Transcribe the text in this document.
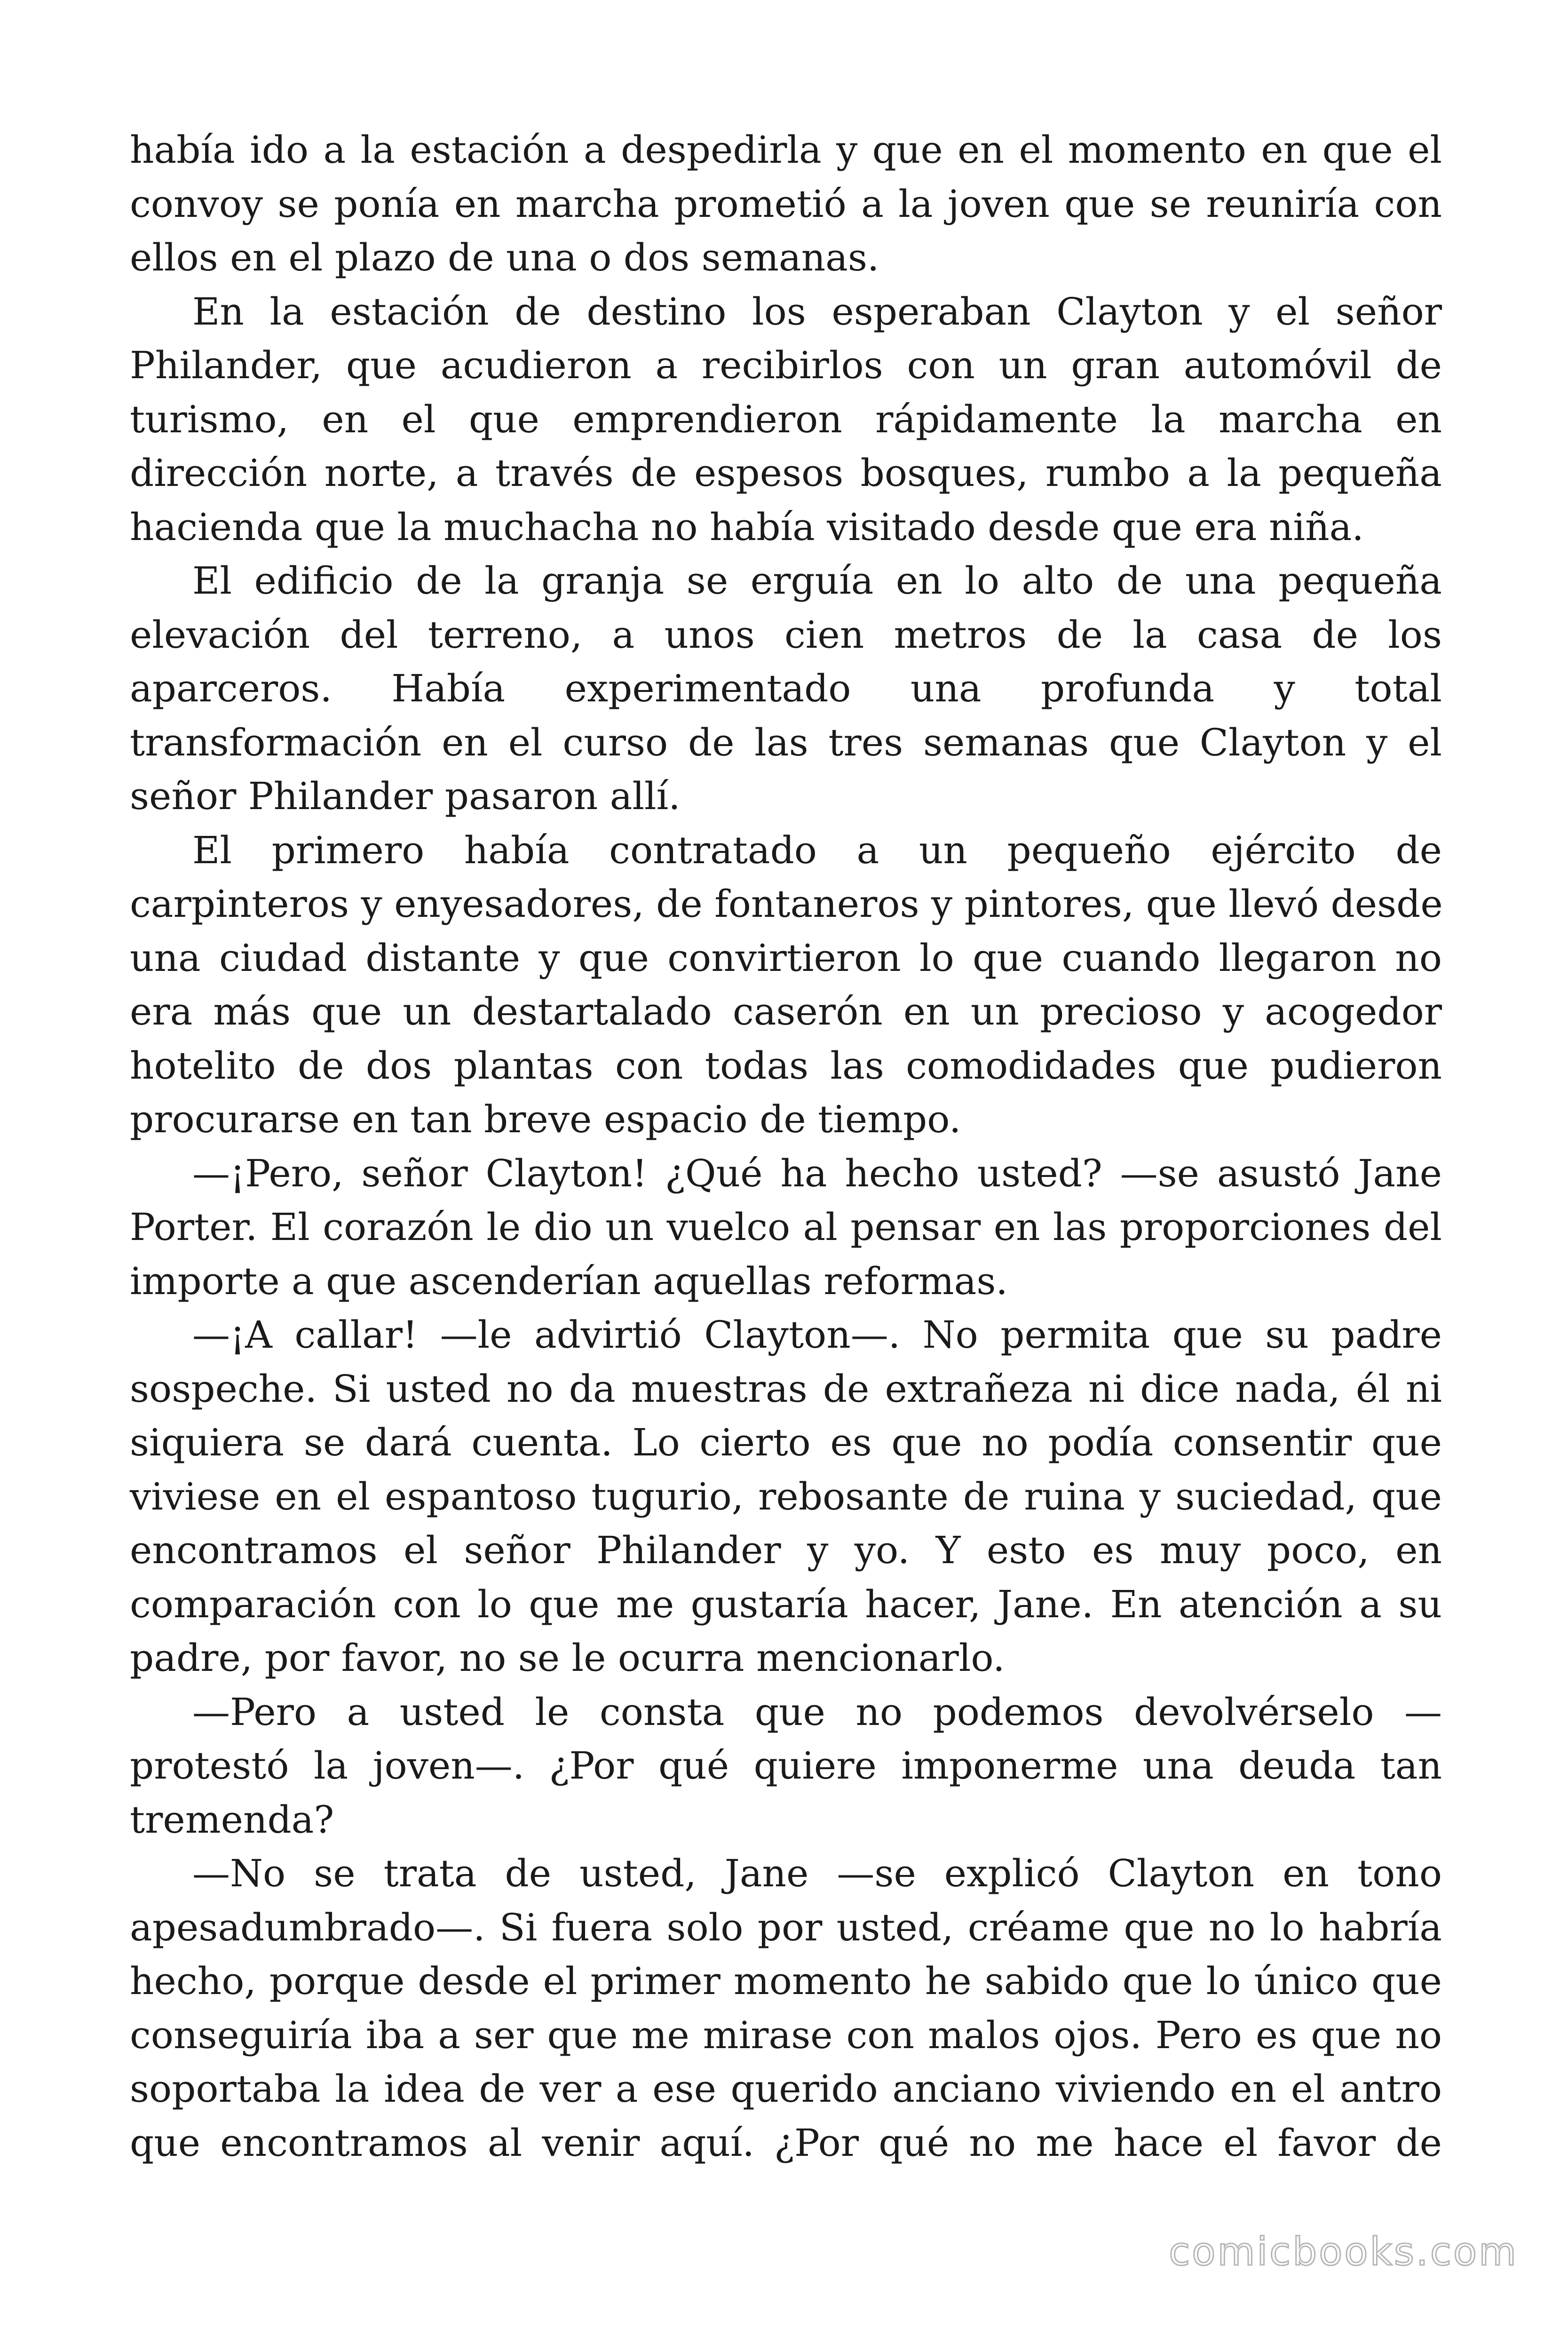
había ido a la estación a despedirla y que en el momento en que el
convoy se ponía en marcha prometió a la joven que se reuniría con
ellos en el plazo de una o dos semanas.
En la estación de destino los esperaban Clayton y el señor
Philander, que acudieron a recibirlos con un gran automóvil de
turismo, en el que emprendieron rápidamente la marcha en
dirección norte, a través de espesos bosques, rumbo a la pequeña
hacienda que la muchacha no había visitado desde que era niña.
El edificio de la granja se erguía en lo alto de una pequeña
elevación del terreno, a unos cien metros de la casa de los
aparceros. Había experimentado una profunda y total
transformación en el curso de las tres semanas que Clayton y el
señor Philander pasaron allí.
El primero había contratado a un pequeño ejército de
carpinteros y enyesadores, de fontaneros y pintores, que llevó desde
una ciudad distante y que convirtieron lo que cuando llegaron no
era más que un destartalado caserón en un precioso y acogedor
hotelito de dos plantas con todas las comodidades que pudieron
procurarse en tan breve espacio de tiempo.
—¡Pero, señor Clayton! ¿Qué ha hecho usted? —se asustó Jane
Porter. El corazón le dio un vuelco al pensar en las proporciones del
importe a que ascenderían aquellas reformas.
—¡A callar! —le advirtió Clayton—. No permita que su padre
sospeche. Si usted no da muestras de extrañeza ni dice nada, él ni
siquiera se dará cuenta. Lo cierto es que no podía consentir que
viviese en el espantoso tugurio, rebosante de ruina y suciedad, que
encontramos el señor Philander y yo. Y esto es muy poco, en
comparación con lo que me gustaría hacer, Jane. En atención a su
padre, por favor, no se le ocurra mencionarlo.
—Pero a usted le consta que no podemos devolvérselo —
protestó la joven—. ¿Por qué quiere imponerme una deuda tan
tremenda?
—No se trata de usted, Jane —se explicó Clayton en tono
apesadumbrado—. Si fuera solo por usted, créame que no lo habría
hecho, porque desde el primer momento he sabido que lo único que
conseguiría iba a ser que me mirase con malos ojos. Pero es que no
soportaba la idea de ver a ese querido anciano viviendo en el antro
que encontramos al venir aquí. ¿Por qué no me hace el favor de
comicbooks.com
